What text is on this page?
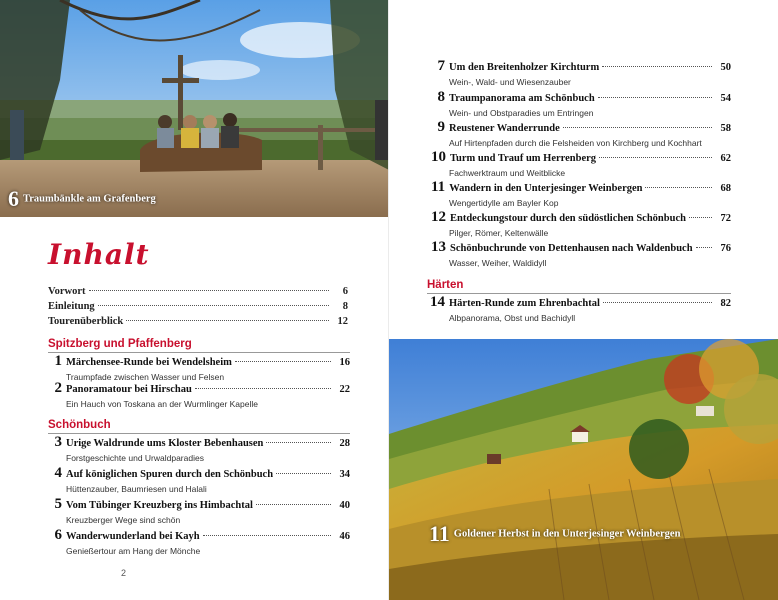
6 Traumbänkle am Grafenberg
Inhalt
Vorwort	6
Einleitung	8
Tourenüberblick	12
Spitzberg und Pfaffenberg
1 Märchensee-Runde bei Wendelsheim	16
Traumpfade zwischen Wasser und Felsen
2 Panoramatour bei Hirschau	22
Ein Hauch von Toskana an der Wurmlinger Kapelle
Schönbuch
3 Urige Waldrunde ums Kloster Bebenhausen	28
Forstgeschichte und Urwaldparadies
4 Auf königlichen Spuren durch den Schönbuch	34
Hüttenzauber, Baumriesen und Halali
5 Vom Tübinger Kreuzberg ins Himbachtal	40
Kreuzberger Wege sind schön
6 Wanderwunderland bei Kayh	46
Genießertour am Hang der Mönche
2
7 Um den Breitenholzer Kirchturm	50
Wein-, Wald- und Wiesenzauber
8 Traumpanorama am Schönbuch	54
Wein- und Obstparadies um Entringen
9 Reustener Wanderrunde	58
Auf Hirtenpfaden durch die Felsheiden von Kirchberg und Kochhart
10 Turm und Trauf um Herrenberg	62
Fachwerktraum und Weitblicke
11 Wandern in den Unterjesinger Weinbergen	68
Wengertidylle am Bayler Kop
12 Entdeckungstour durch den südöstlichen Schönbuch	72
Pilger, Römer, Keltenwälle
13 Schönbuchrunde von Dettenhausen nach Waldenbuch	76
Wasser, Weiher, Waldidyll
Härten
14 Härten-Runde zum Ehrenbachtal	82
Albpanorama, Obst und Bachidyll
11 Goldener Herbst in den Unterjesinger Weinbergen
